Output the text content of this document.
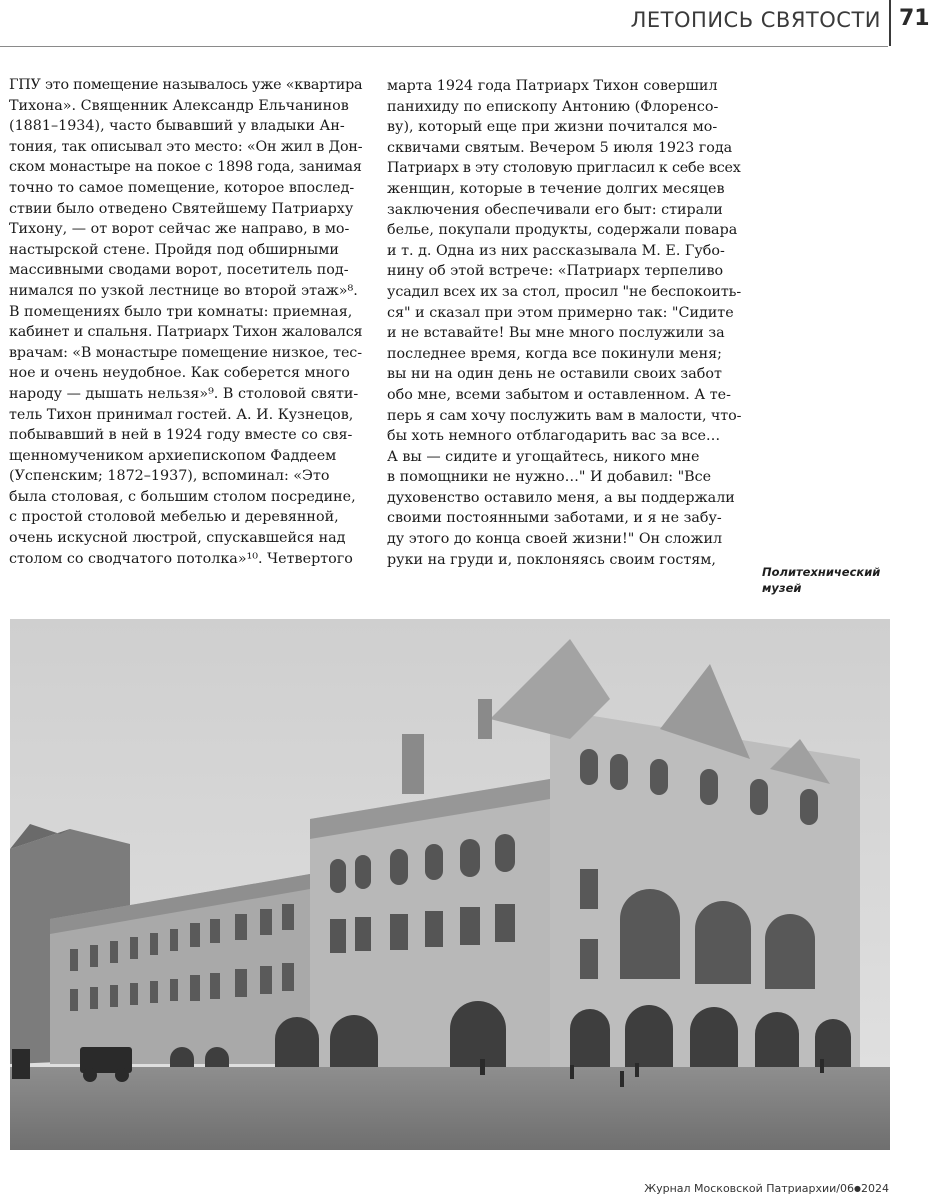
ЛЕТОПИСЬ СВЯТОСТИ 71
ГПУ это помещение называлось уже «квартира
Тихона». Священник Александр Ельчанинов
(1881–1934), часто бывавший у владыки Ан-
тония, так описывал это место: «Он жил в Дон-
ском монастыре на покое с 1898 года, занимая
точно то самое помещение, которое впослед-
ствии было отведено Святейшему Патриарху
Тихону, — от ворот сейчас же направо, в мо-
настырской стене. Пройдя под обширными
массивными сводами ворот, посетитель под-
нимался по узкой лестнице во второй этаж»⁸.
В помещениях было три комнаты: приемная,
кабинет и спальня. Патриарх Тихон жаловался
врачам: «В монастыре помещение низкое, тес-
ное и очень неудобное. Как соберется много
народу — дышать нельзя»⁹. В столовой святи-
тель Тихон принимал гостей. А. И. Кузнецов,
побывавший в ней в 1924 году вместе со свя-
щенномучеником архиепископом Фаддеем
(Успенским; 1872–1937), вспоминал: «Это
была столовая, с большим столом посредине,
с простой столовой мебелью и деревянной,
очень искусной люстрой, спускавшейся над
столом со сводчатого потолка»¹⁰. Четвертого
марта 1924 года Патриарх Тихон совершил
панихиду по епископу Антонию (Флоренсо-
ву), который еще при жизни почитался мо-
сквичами святым. Вечером 5 июля 1923 года
Патриарх в эту столовую пригласил к себе всех
женщин, которые в течение долгих месяцев
заключения обеспечивали его быт: стирали
белье, покупали продукты, содержали повара
и т. д. Одна из них рассказывала М. Е. Губо-
нину об этой встрече: «Патриарх терпеливо
усадил всех их за стол, просил "не беспокоить-
ся" и сказал при этом примерно так: "Сидите
и не вставайте! Вы мне много послужили за
последнее время, когда все покинули меня;
вы ни на один день не оставили своих забот
обо мне, всеми забытом и оставленном. А те-
перь я сам хочу послужить вам в малости, что-
бы хоть немного отблагодарить вас за все…
А вы — сидите и угощайтесь, никого мне
в помощники не нужно…" И добавил: "Все
духовенство оставило меня, а вы поддержали
своими постоянными заботами, и я не забу-
ду этого до конца своей жизни!" Он сложил
руки на груди и, поклоняясь своим гостям,
Политехнический
музей
Журнал Московской Патриархии/06●2024
